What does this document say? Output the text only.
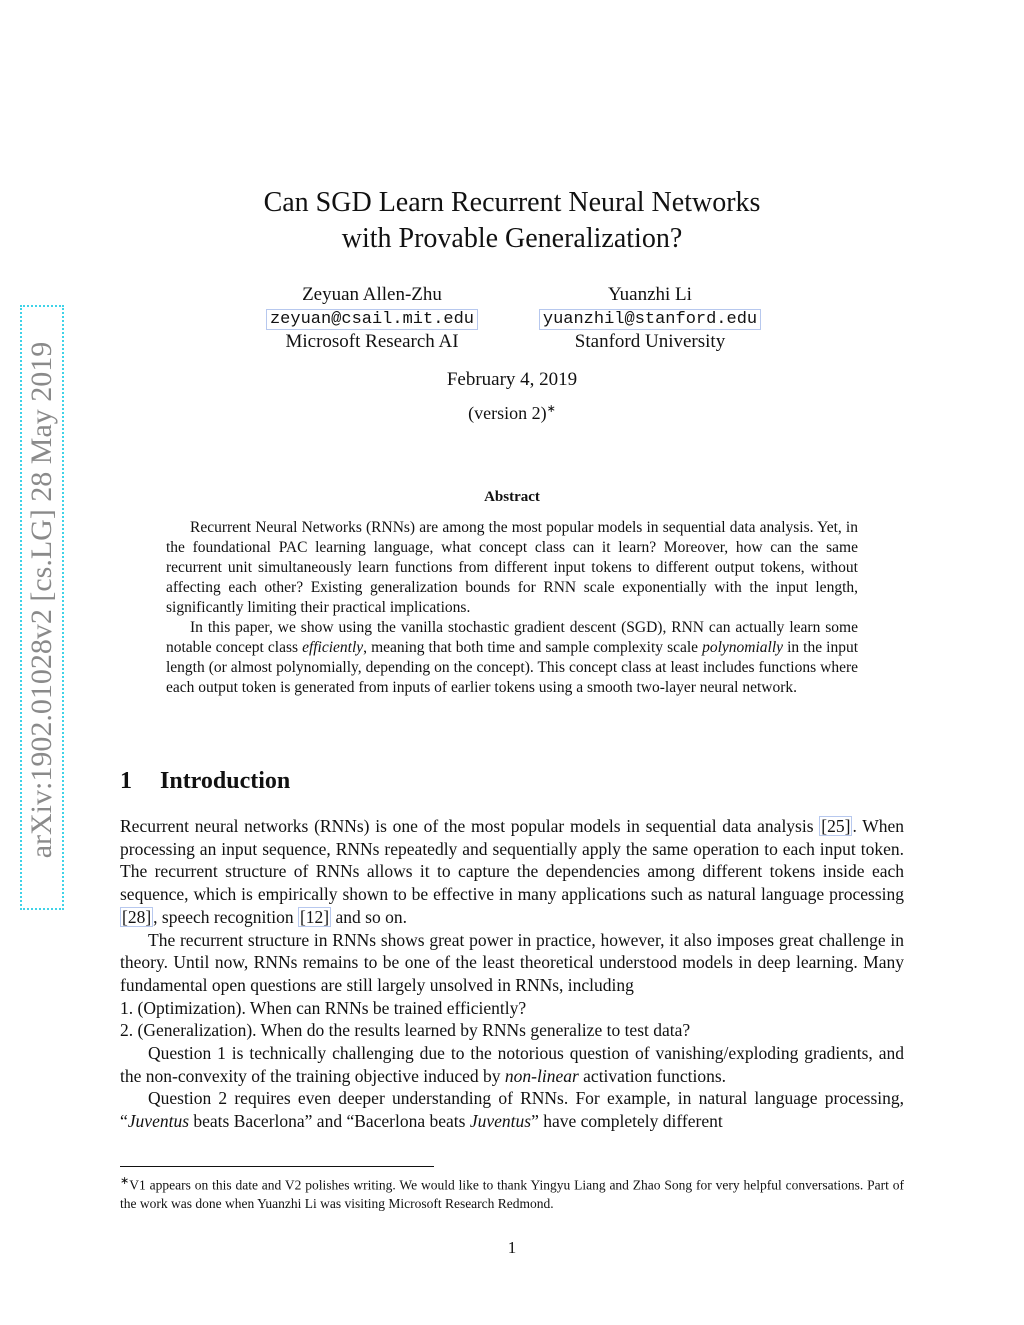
arXiv:1902.01028v2 [cs.LG] 28 May 2019
Can SGD Learn Recurrent Neural Networks
with Provable Generalization?
Zeyuan Allen-Zhu
zeyuan@csail.mit.edu
Microsoft Research AI
Yuanzhi Li
yuanzhil@stanford.edu
Stanford University
February 4, 2019
(version 2)∗
Abstract

Recurrent Neural Networks (RNNs) are among the most popular models in sequential data analysis. Yet, in the foundational PAC learning language, what concept class can it learn? Moreover, how can the same recurrent unit simultaneously learn functions from different input tokens to different output tokens, without affecting each other? Existing generalization bounds for RNN scale exponentially with the input length, significantly limiting their practical implications.

In this paper, we show using the vanilla stochastic gradient descent (SGD), RNN can actually learn some notable concept class efficiently, meaning that both time and sample complexity scale polynomially in the input length (or almost polynomially, depending on the concept). This concept class at least includes functions where each output token is generated from inputs of earlier tokens using a smooth two-layer neural network.

1 Introduction

Recurrent neural networks (RNNs) is one of the most popular models in sequential data analysis [25] . When processing an input sequence, RNNs repeatedly and sequentially apply the same operation to each input token. The recurrent structure of RNNs allows it to capture the dependencies among different tokens inside each sequence, which is empirically shown to be effective in many applications such as natural language processing [28] , speech recognition [12] and so on.

The recurrent structure in RNNs shows great power in practice, however, it also imposes great challenge in theory. Until now, RNNs remains to be one of the least theoretical understood models in deep learning. Many fundamental open questions are still largely unsolved in RNNs, including

1. (Optimization). When can RNNs be trained efficiently?

2. (Generalization). When do the results learned by RNNs generalize to test data?

Question 1 is technically challenging due to the notorious question of vanishing/exploding gradients, and the non-convexity of the training objective induced by non-linear activation functions.

Question 2 requires even deeper understanding of RNNs. For example, in natural language processing, “Juventus beats Bacerlona” and “Bacerlona beats Juventus” have completely different

∗V1 appears on this date and V2 polishes writing. We would like to thank Yingyu Liang and Zhao Song for very helpful conversations. Part of the work was done when Yuanzhi Li was visiting Microsoft Research Redmond.
1
